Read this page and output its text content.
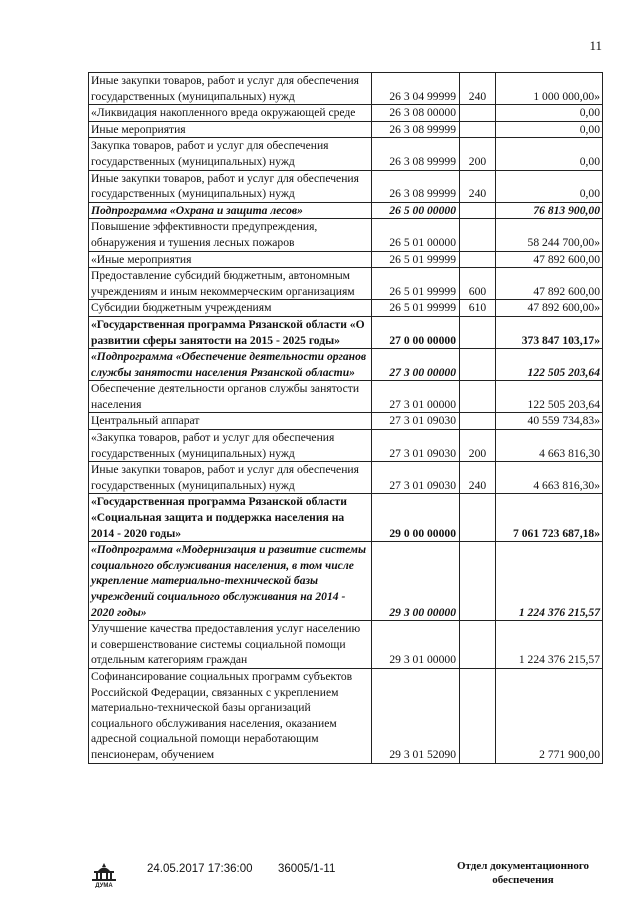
11
Иные закупки товаров, работ и услуг для обеспечения государственных (муниципальных) нужд	26 3 04 99999	240	1 000 000,00»
«Ликвидация накопленного вреда окружающей среде	26 3 08 00000		0,00
Иные мероприятия	26 3 08 99999		0,00
Закупка товаров, работ и услуг для обеспечения государственных (муниципальных) нужд	26 3 08 99999	200	0,00
Иные закупки товаров, работ и услуг для обеспечения государственных (муниципальных) нужд	26 3 08 99999	240	0,00
Подпрограмма «Охрана и защита лесов»	26 5 00 00000		76 813 900,00
Повышение эффективности предупреждения, обнаружения и тушения лесных пожаров	26 5 01 00000		58 244 700,00»
«Иные мероприятия	26 5 01 99999		47 892 600,00
Предоставление субсидий бюджетным, автономным учреждениям и иным некоммерческим организациям	26 5 01 99999	600	47 892 600,00
Субсидии бюджетным учреждениям	26 5 01 99999	610	47 892 600,00»
«Государственная программа Рязанской области «О развитии сферы занятости на 2015 - 2025 годы»	27 0 00 00000		373 847 103,17»
«Подпрограмма «Обеспечение деятельности органов службы занятости населения Рязанской области»	27 3 00 00000		122 505 203,64
Обеспечение деятельности органов службы занятости населения	27 3 01 00000		122 505 203,64
Центральный аппарат	27 3 01 09030		40 559 734,83»
«Закупка товаров, работ и услуг для обеспечения государственных (муниципальных) нужд	27 3 01 09030	200	4 663 816,30
Иные закупки товаров, работ и услуг для обеспечения государственных (муниципальных) нужд	27 3 01 09030	240	4 663 816,30»
«Государственная программа Рязанской области «Социальная защита и поддержка населения на 2014 - 2020 годы»	29 0 00 00000		7 061 723 687,18»
«Подпрограмма «Модернизация и развитие системы социального обслуживания населения, в том числе укрепление материально-технической базы учреждений социального обслуживания на 2014 - 2020 годы»	29 3 00 00000		1 224 376 215,57
Улучшение качества предоставления услуг населению и совершенствование системы социальной помощи отдельным категориям граждан	29 3 01 00000		1 224 376 215,57
Софинансирование социальных программ субъектов Российской Федерации, связанных с укреплением материально-технической базы организаций социального обслуживания населения, оказанием адресной социальной помощи неработающим пенсионерам, обучением	29 3 01 52090		2 771 900,00
ДУМА
24.05.2017 17:36:00 36005/1-11	Отдел документационного
обеспечения
